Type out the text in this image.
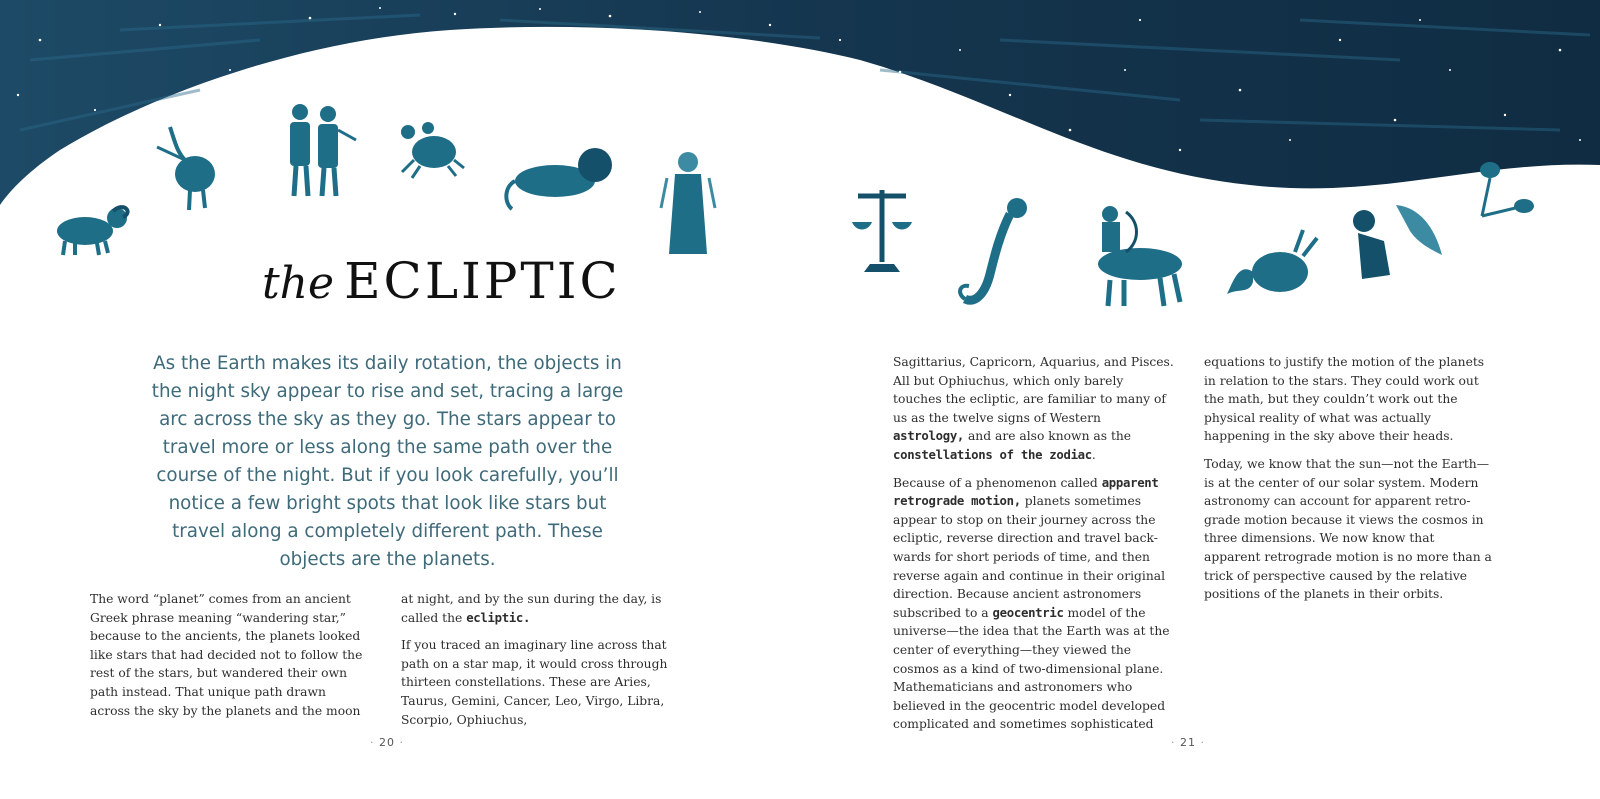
the ECLIPTIC
As the Earth makes its daily rotation, the objects in the night sky appear to rise and set, tracing a large arc across the sky as they go. The stars appear to travel more or less along the same path over the course of the night. But if you look carefully, you’ll notice a few bright spots that look like stars but travel along a completely different path. These objects are the planets.

The word “planet” comes from an ancient Greek phrase meaning “wandering star,” because to the ancients, the planets looked like stars that had decided not to follow the rest of the stars, but wandered their own path instead. That unique path drawn across the sky by the planets and the moon

at night, and by the sun during the day, is called the ecliptic.

If you traced an imaginary line across that path on a star map, it would cross through thirteen constellations. These are Aries, Taurus, Gemini, Cancer, Leo, Virgo, Libra, Scorpio, Ophiuchus,

· 20 ·

Sagittarius, Capricorn, Aquarius, and Pisces. All but Ophiuchus, which only barely touches the ecliptic, are familiar to many of us as the twelve signs of Western astrology, and are also known as the constellations of the zodiac.

Because of a phenomenon called apparent retrograde motion, planets sometimes appear to stop on their journey across the ecliptic, reverse direction and travel back-wards for short periods of time, and then reverse again and continue in their original direction. Because ancient astronomers subscribed to a geocentric model of the universe—the idea that the Earth was at the center of everything—they viewed the cosmos as a kind of two-dimensional plane. Mathematicians and astronomers who believed in the geocentric model developed complicated and sometimes sophisticated

equations to justify the motion of the planets in relation to the stars. They could work out the math, but they couldn’t work out the physical reality of what was actually happening in the sky above their heads.

Today, we know that the sun—not the Earth—is at the center of our solar system. Modern astronomy can account for apparent retro-grade motion because it views the cosmos in three dimensions. We now know that apparent retrograde motion is no more than a trick of perspective caused by the relative positions of the planets in their orbits.

· 21 ·
